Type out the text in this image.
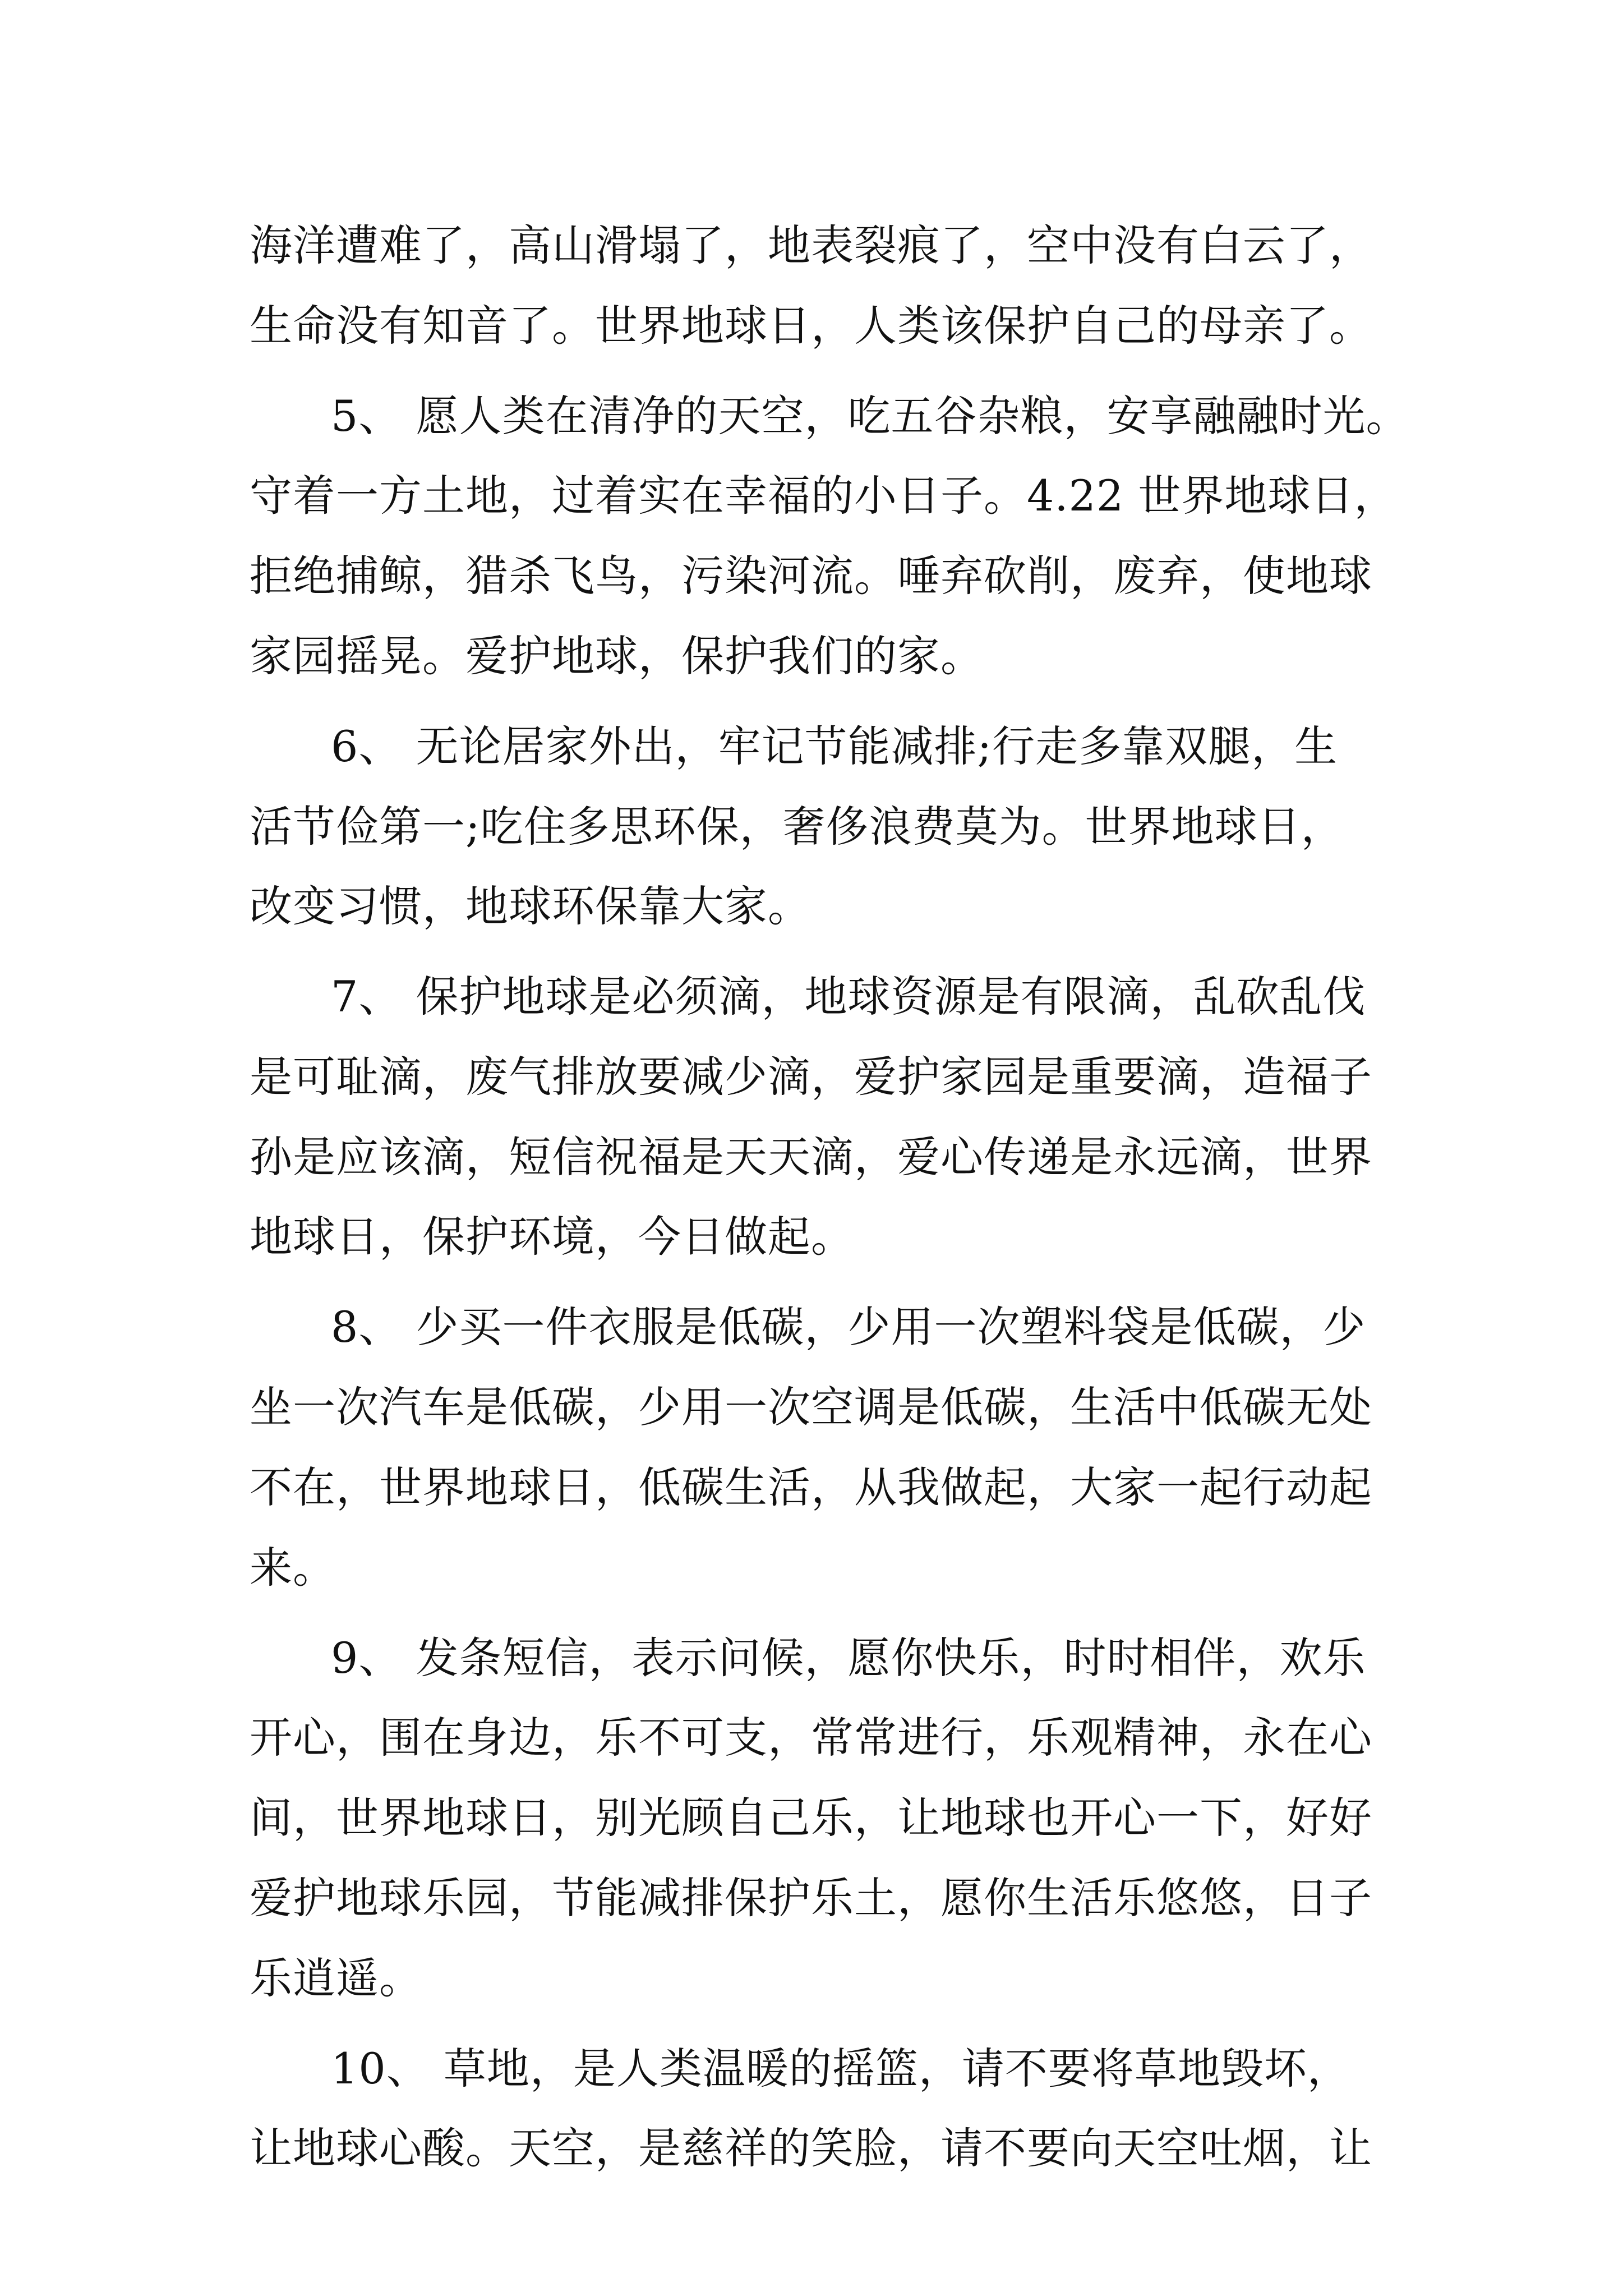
海洋遭难了，高山滑塌了，地表裂痕了，空中没有白云了，
生命没有知音了。世界地球日，人类该保护自己的母亲了。
5、 愿人类在清净的天空，吃五谷杂粮，安享融融时光。
守着一方土地，过着实在幸福的小日子。4.22 世界地球日，
拒绝捕鲸，猎杀飞鸟，污染河流。唾弃砍削，废弃，使地球
家园摇晃。爱护地球，保护我们的家。
6、 无论居家外出，牢记节能减排;行走多靠双腿，生
活节俭第一;吃住多思环保，奢侈浪费莫为。世界地球日，
改变习惯，地球环保靠大家。
7、 保护地球是必须滴，地球资源是有限滴，乱砍乱伐
是可耻滴，废气排放要减少滴，爱护家园是重要滴，造福子
孙是应该滴，短信祝福是天天滴，爱心传递是永远滴，世界
地球日，保护环境，今日做起。
8、 少买一件衣服是低碳，少用一次塑料袋是低碳，少
坐一次汽车是低碳，少用一次空调是低碳，生活中低碳无处
不在，世界地球日，低碳生活，从我做起，大家一起行动起
来。
9、 发条短信，表示问候，愿你快乐，时时相伴，欢乐
开心，围在身边，乐不可支，常常进行，乐观精神，永在心
间，世界地球日，别光顾自己乐，让地球也开心一下，好好
爱护地球乐园，节能减排保护乐土，愿你生活乐悠悠，日子
乐逍遥。
10、 草地，是人类温暖的摇篮，请不要将草地毁坏，
让地球心酸。天空，是慈祥的笑脸，请不要向天空吐烟，让
